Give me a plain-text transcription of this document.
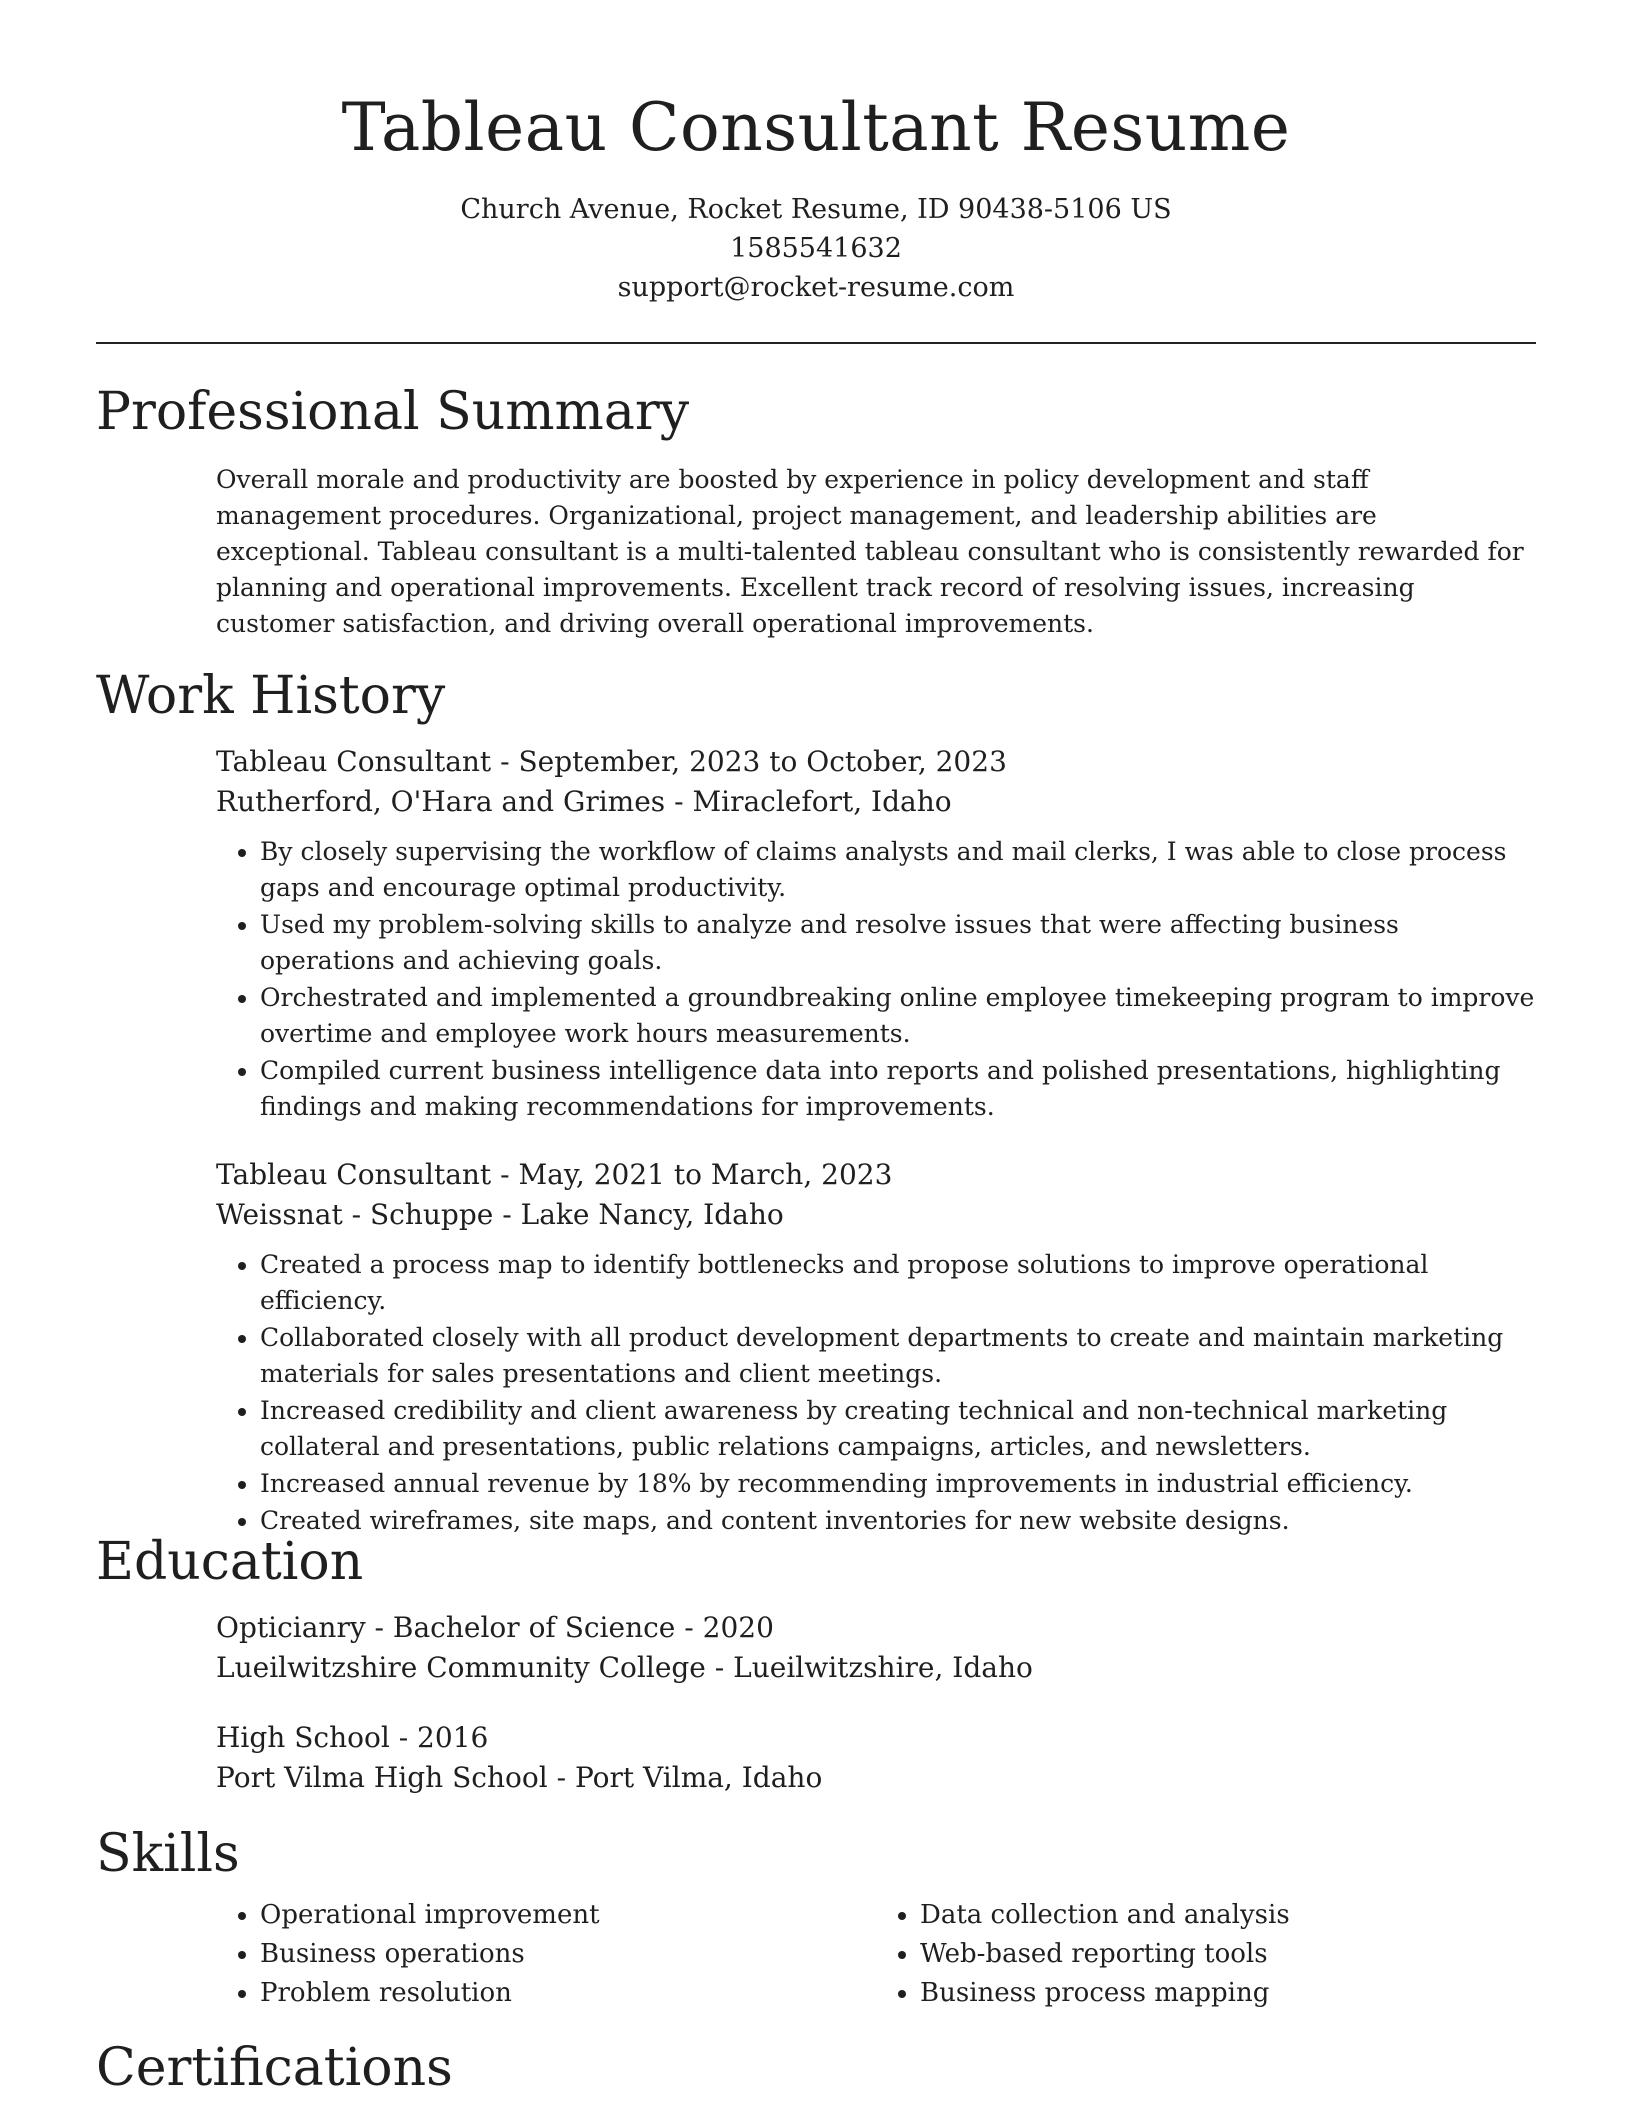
Tableau Consultant Resume
Church Avenue, Rocket Resume, ID 90438-5106 US
1585541632
support@rocket-resume.com
Professional Summary

Overall morale and productivity are boosted by experience in policy development and staff management procedures. Organizational, project management, and leadership abilities are exceptional. Tableau consultant is a multi-talented tableau consultant who is consistently rewarded for planning and operational improvements. Excellent track record of resolving issues, increasing customer satisfaction, and driving overall operational improvements.

Work History
Tableau Consultant - September, 2023 to October, 2023
Rutherford, O'Hara and Grimes - Miraclefort, Idaho
• By closely supervising the workflow of claims analysts and mail clerks, I was able to close process gaps and encourage optimal productivity.
• Used my problem-solving skills to analyze and resolve issues that were affecting business operations and achieving goals.
• Orchestrated and implemented a groundbreaking online employee timekeeping program to improve overtime and employee work hours measurements.
• Compiled current business intelligence data into reports and polished presentations, highlighting findings and making recommendations for improvements.
Tableau Consultant - May, 2021 to March, 2023
Weissnat - Schuppe - Lake Nancy, Idaho
• Created a process map to identify bottlenecks and propose solutions to improve operational efficiency.
• Collaborated closely with all product development departments to create and maintain marketing materials for sales presentations and client meetings.
• Increased credibility and client awareness by creating technical and non-technical marketing collateral and presentations, public relations campaigns, articles, and newsletters.
• Increased annual revenue by 18% by recommending improvements in industrial efficiency.
• Created wireframes, site maps, and content inventories for new website designs.
Education
Opticianry - Bachelor of Science - 2020
Lueilwitzshire Community College - Lueilwitzshire, Idaho
High School - 2016
Port Vilma High School - Port Vilma, Idaho
Skills
• Operational improvement
• Business operations
• Problem resolution
• Data collection and analysis
• Web-based reporting tools
• Business process mapping
Certifications
